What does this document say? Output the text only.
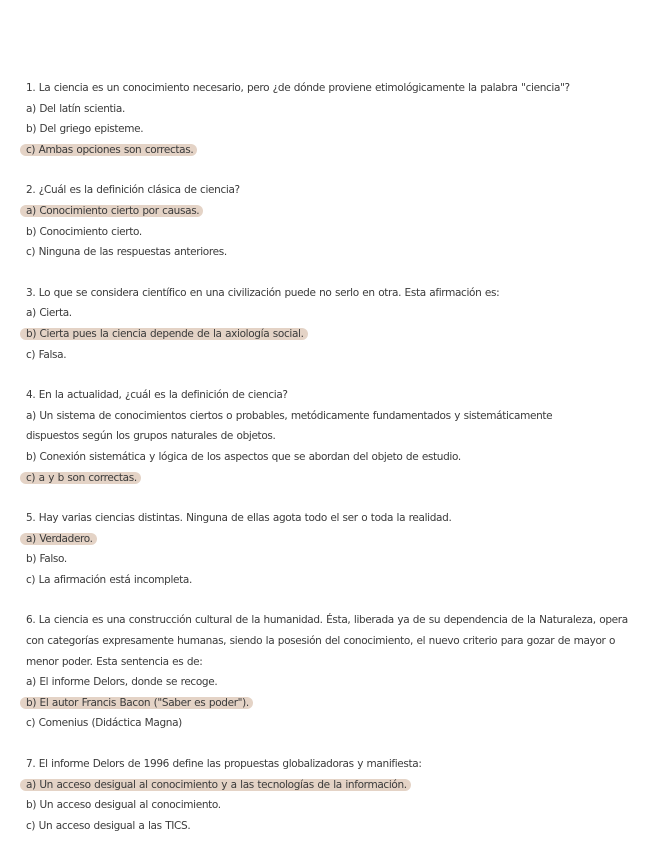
1. La ciencia es un conocimiento necesario, pero ¿de dónde proviene etimológicamente la palabra "ciencia"?

a) Del latín scientia.

b) Del griego episteme.

c) Ambas opciones son correctas.

2. ¿Cuál es la definición clásica de ciencia?

a) Conocimiento cierto por causas.

b) Conocimiento cierto.

c) Ninguna de las respuestas anteriores.

3. Lo que se considera científico en una civilización puede no serlo en otra. Esta afirmación es:

a) Cierta.

b) Cierta pues la ciencia depende de la axiología social.

c) Falsa.

4. En la actualidad, ¿cuál es la definición de ciencia?

a) Un sistema de conocimientos ciertos o probables, metódicamente fundamentados y sistemáticamente dispuestos según los grupos naturales de objetos.

b) Conexión sistemática y lógica de los aspectos que se abordan del objeto de estudio.

c) a y b son correctas.

5. Hay varias ciencias distintas. Ninguna de ellas agota todo el ser o toda la realidad.

a) Verdadero.

b) Falso.

c) La afirmación está incompleta.

6. La ciencia es una construcción cultural de la humanidad. Ésta, liberada ya de su dependencia de la Naturaleza, opera con categorías expresamente humanas, siendo la posesión del conocimiento, el nuevo criterio para gozar de mayor o menor poder. Esta sentencia es de:

a) El informe Delors, donde se recoge.

b) El autor Francis Bacon ("Saber es poder").

c) Comenius (Didáctica Magna)

7. El informe Delors de 1996 define las propuestas globalizadoras y manifiesta:

a) Un acceso desigual al conocimiento y a las tecnologías de la información.

b) Un acceso desigual al conocimiento.

c) Un acceso desigual a las TICS.
